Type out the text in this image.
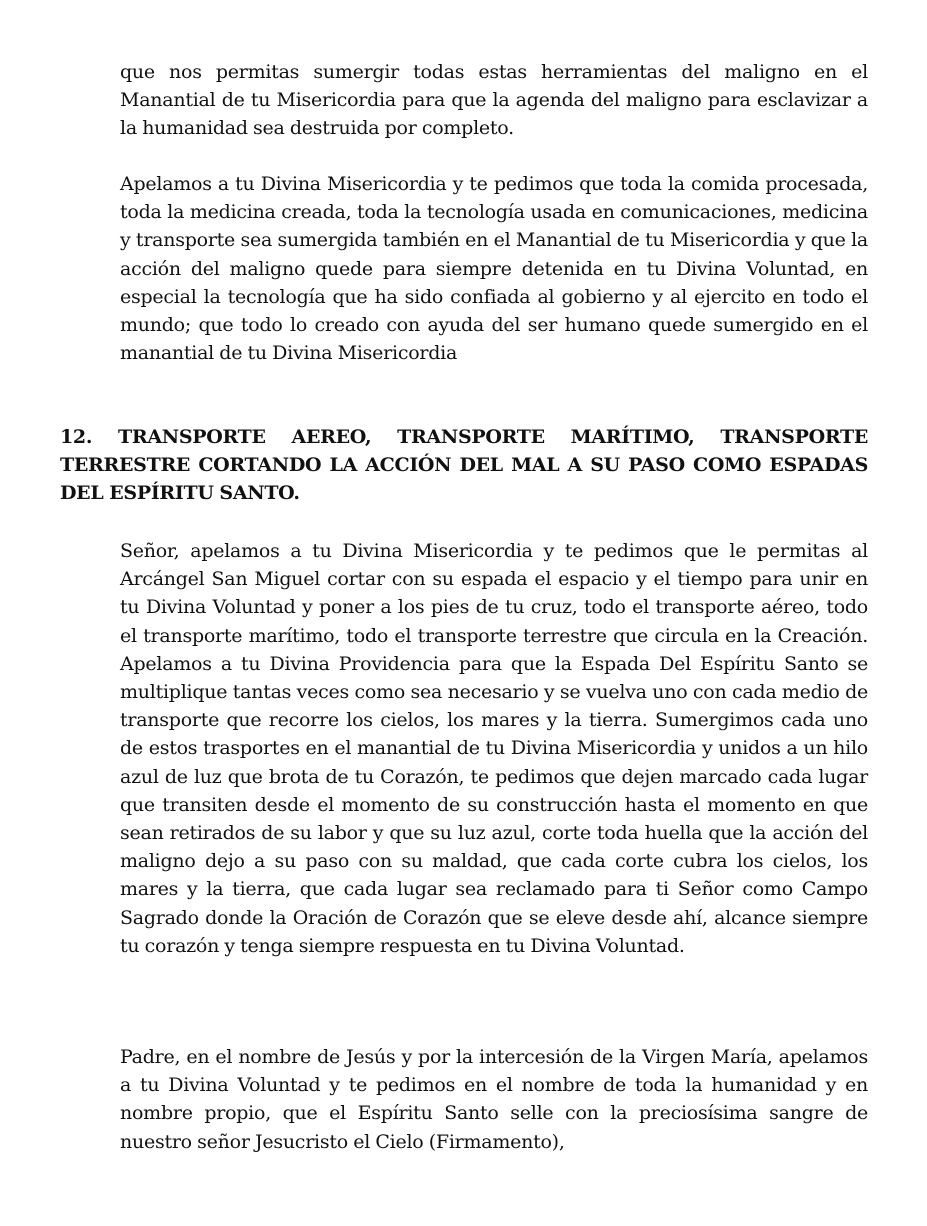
que nos permitas sumergir todas estas herramientas del maligno en el Manantial de tu Misericordia para que la agenda del maligno para esclavizar a la humanidad sea destruida por completo.

Apelamos a tu Divina Misericordia y te pedimos que toda la comida procesada, toda la medicina creada, toda la tecnología usada en comunicaciones, medicina y transporte sea sumergida también en el Manantial de tu Misericordia y que la acción del maligno quede para siempre detenida en tu Divina Voluntad, en especial la tecnología que ha sido confiada al gobierno y al ejercito en todo el mundo; que todo lo creado con ayuda del ser humano quede sumergido en el manantial de tu Divina Misericordia

12. TRANSPORTE AEREO, TRANSPORTE MARÍTIMO, TRANSPORTE TERRESTRE CORTANDO LA ACCIÓN DEL MAL A SU PASO COMO ESPADAS DEL ESPÍRITU SANTO.

Señor, apelamos a tu Divina Misericordia y te pedimos que le permitas al Arcángel San Miguel cortar con su espada el espacio y el tiempo para unir en tu Divina Voluntad y poner a los pies de tu cruz, todo el transporte aéreo, todo el transporte marítimo, todo el transporte terrestre que circula en la Creación. Apelamos a tu Divina Providencia para que la Espada Del Espíritu Santo se multiplique tantas veces como sea necesario y se vuelva uno con cada medio de transporte que recorre los cielos, los mares y la tierra. Sumergimos cada uno de estos trasportes en el manantial de tu Divina Misericordia y unidos a un hilo azul de luz que brota de tu Corazón, te pedimos que dejen marcado cada lugar que transiten desde el momento de su construcción hasta el momento en que sean retirados de su labor y que su luz azul, corte toda huella que la acción del maligno dejo a su paso con su maldad, que cada corte cubra los cielos, los mares y la tierra, que cada lugar sea reclamado para ti Señor como Campo Sagrado donde la Oración de Corazón que se eleve desde ahí, alcance siempre tu corazón y tenga siempre respuesta en tu Divina Voluntad.

Padre, en el nombre de Jesús y por la intercesión de la Virgen María, apelamos a tu Divina Voluntad y te pedimos en el nombre de toda la humanidad y en nombre propio, que el Espíritu Santo selle con la preciosísima sangre de nuestro señor Jesucristo el Cielo (Firmamento),
